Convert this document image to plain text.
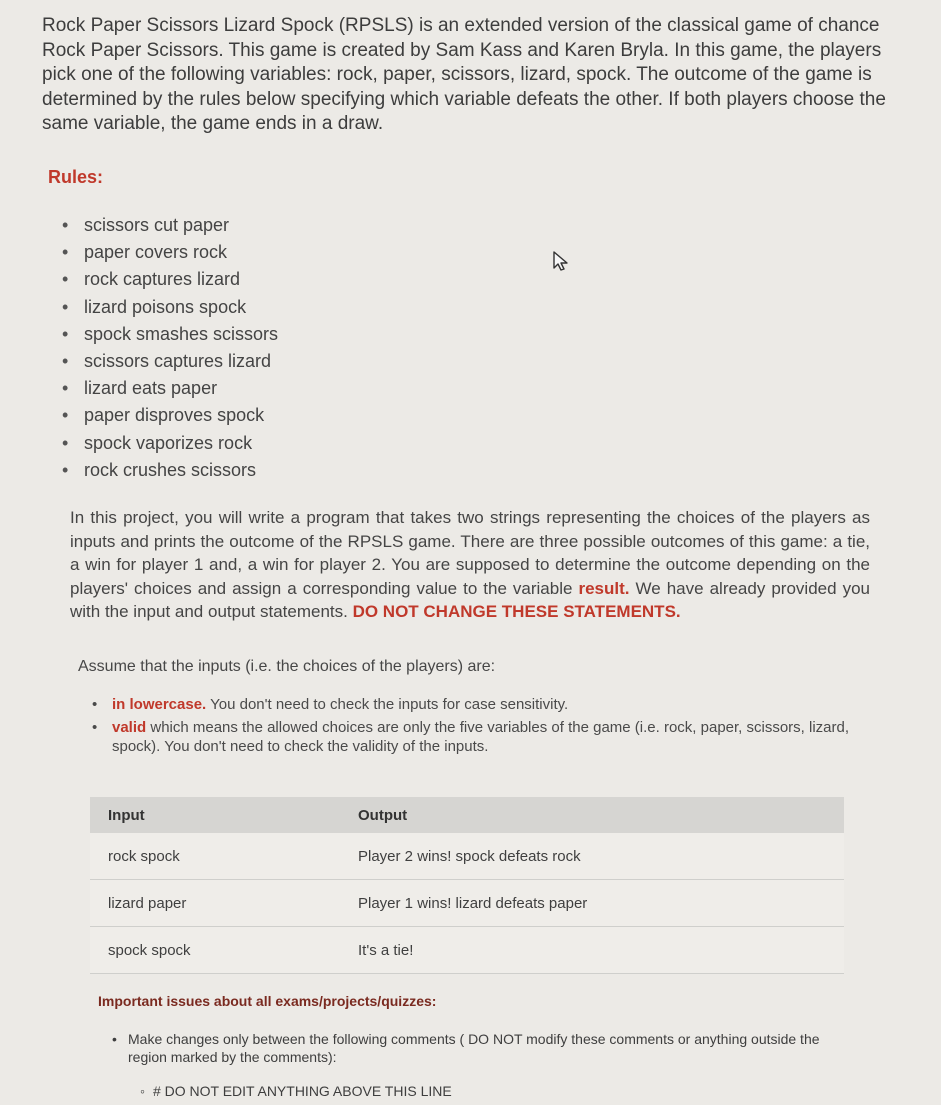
Rock Paper Scissors Lizard Spock (RPSLS) is an extended version of the classical game of chance Rock Paper Scissors. This game is created by Sam Kass and Karen Bryla. In this game, the players pick one of the following variables: rock, paper, scissors, lizard, spock. The outcome of the game is determined by the rules below specifying which variable defeats the other. If both players choose the same variable, the game ends in a draw.

Rules:
• scissors cut paper
• paper covers rock
• rock captures lizard
• lizard poisons spock
• spock smashes scissors
• scissors captures lizard
• lizard eats paper
• paper disproves spock
• spock vaporizes rock
• rock crushes scissors

In this project, you will write a program that takes two strings representing the choices of the players as inputs and prints the outcome of the RPSLS game. There are three possible outcomes of this game: a tie, a win for player 1 and, a win for player 2. You are supposed to determine the outcome depending on the players' choices and assign a corresponding value to the variable result. We have already provided you with the input and output statements. DO NOT CHANGE THESE STATEMENTS.

Assume that the inputs (i.e. the choices of the players) are:
• in lowercase. You don't need to check the inputs for case sensitivity.
• valid which means the allowed choices are only the five variables of the game (i.e. rock, paper, scissors, lizard, spock). You don't need to check the validity of the inputs.
Input	Output
rock spock	Player 2 wins! spock defeats rock
lizard paper	Player 1 wins! lizard defeats paper
spock spock	It's a tie!
Important issues about all exams/projects/quizzes:
• Make changes only between the following comments ( DO NOT modify these comments or anything outside the region marked by the comments):
◦ # DO NOT EDIT ANYTHING ABOVE THIS LINE
